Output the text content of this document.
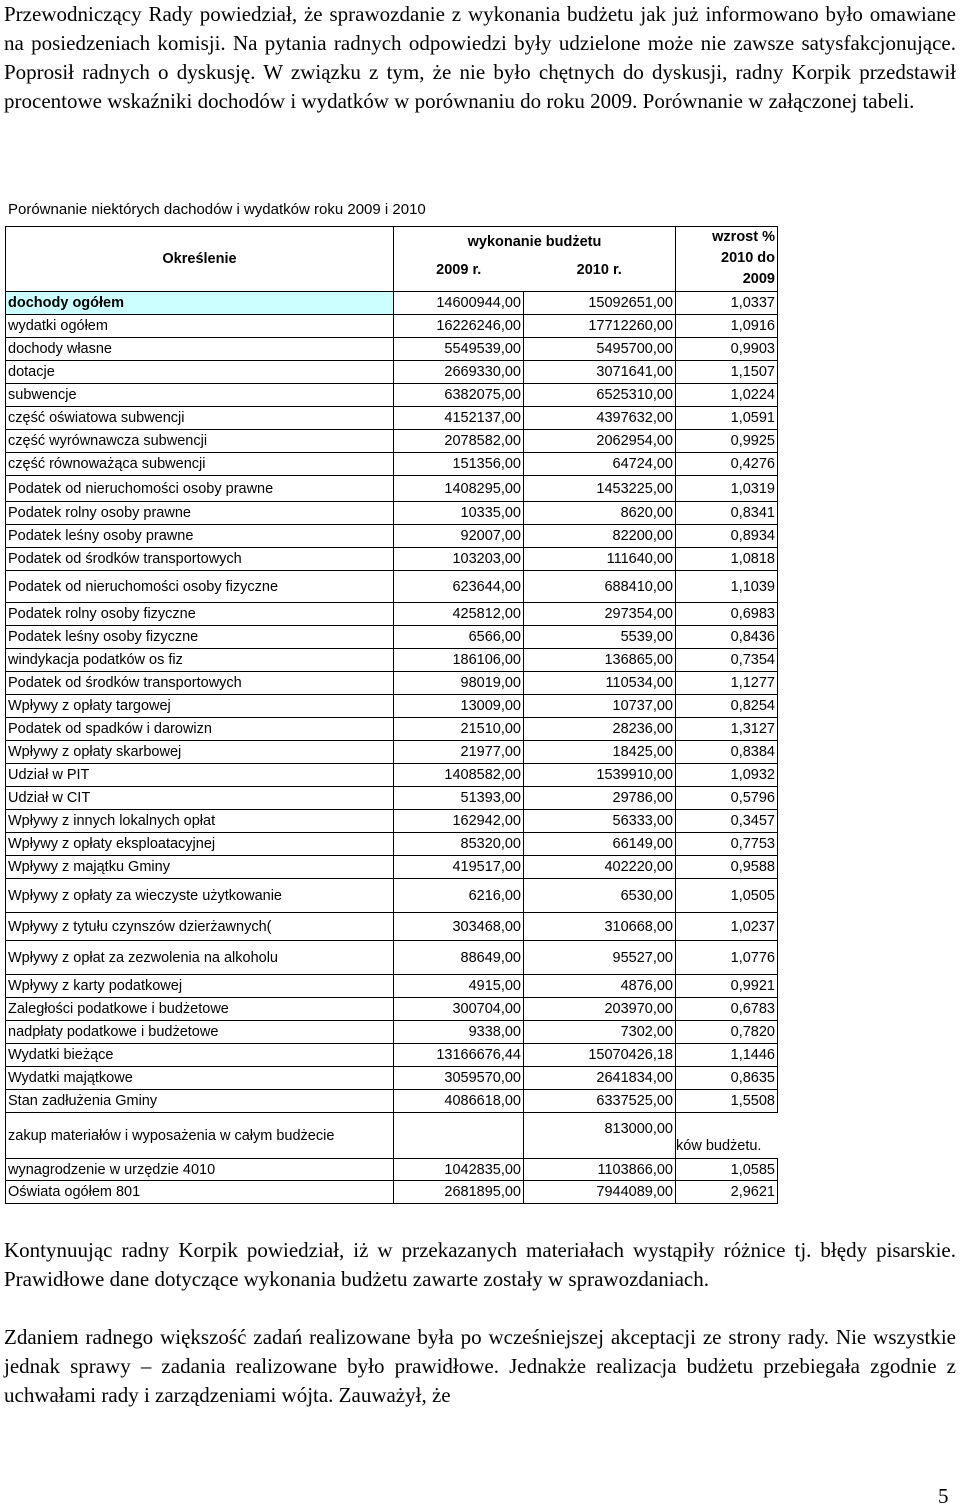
Przewodniczący Rady powiedział, że sprawozdanie z wykonania budżetu jak już informowano było omawiane na posiedzeniach komisji. Na pytania radnych odpowiedzi były udzielone może nie zawsze satysfakcjonujące. Poprosił radnych o dyskusję. W związku z tym, że nie było chętnych do dyskusji, radny Korpik przedstawił procentowe wskaźniki dochodów i wydatków w porównaniu do roku 2009. Porównanie w załączonej tabeli.

Porównanie niektórych dachodów i wydatków roku 2009 i 2010
Określenie	wykonanie budżetu		wzrost %
2010 do
2009

	2009 r.	2010 r.	
dochody ogółem	14600944,00	15092651,00	1,0337
wydatki ogółem	16226246,00	17712260,00	1,0916
dochody własne	5549539,00	5495700,00	0,9903
dotacje	2669330,00	3071641,00	1,1507
subwencje	6382075,00	6525310,00	1,0224
część oświatowa subwencji	4152137,00	4397632,00	1,0591
część wyrównawcza subwencji	2078582,00	2062954,00	0,9925
część równoważąca subwencji	151356,00	64724,00	0,4276
Podatek od nieruchomości osoby prawne	1408295,00	1453225,00	1,0319
Podatek rolny osoby prawne	10335,00	8620,00	0,8341
Podatek leśny osoby prawne	92007,00	82200,00	0,8934
Podatek od środków transportowych	103203,00	111640,00	1,0818
Podatek od nieruchomości osoby fizyczne	623644,00	688410,00	1,1039
Podatek rolny osoby fizyczne	425812,00	297354,00	0,6983
Podatek leśny osoby fizyczne	6566,00	5539,00	0,8436
windykacja podatków os fiz	186106,00	136865,00	0,7354
Podatek od środków transportowych	98019,00	110534,00	1,1277
Wpływy z opłaty targowej	13009,00	10737,00	0,8254
Podatek od spadków i darowizn	21510,00	28236,00	1,3127
Wpływy z opłaty skarbowej	21977,00	18425,00	0,8384
Udział w PIT	1408582,00	1539910,00	1,0932
Udział w CIT	51393,00	29786,00	0,5796
Wpływy z innych lokalnych opłat	162942,00	56333,00	0,3457
Wpływy z opłaty eksploatacyjnej	85320,00	66149,00	0,7753
Wpływy z majątku Gminy	419517,00	402220,00	0,9588
Wpływy z opłaty za wieczyste użytkowanie	6216,00	6530,00	1,0505
Wpływy z tytułu czynszów dzierżawnych(	303468,00	310668,00	1,0237
Wpływy z opłat za zezwolenia na alkoholu	88649,00	95527,00	1,0776
Wpływy z karty podatkowej	4915,00	4876,00	0,9921
Zaległości podatkowe i budżetowe	300704,00	203970,00	0,6783
nadpłaty podatkowe i budżetowe	9338,00	7302,00	0,7820
Wydatki bieżące	13166676,44	15070426,18	1,1446
Wydatki majątkowe	3059570,00	2641834,00	0,8635
Stan zadłużenia Gminy	4086618,00	6337525,00	1,5508
zakup materiałów i wyposażenia w całym budżecie		813000,00	ków budżetu.
wynagrodzenie w urzędzie 4010	1042835,00	1103866,00	1,0585
Oświata ogółem 801	2681895,00	7944089,00	2,9621

Kontynuując radny Korpik powiedział, iż w przekazanych materiałach wystąpiły różnice tj. błędy pisarskie. Prawidłowe dane dotyczące wykonania budżetu zawarte zostały w sprawozdaniach.

Zdaniem radnego większość zadań realizowane była po wcześniejszej akceptacji ze strony rady. Nie wszystkie jednak sprawy – zadania realizowane było prawidłowe. Jednakże realizacja budżetu przebiegała zgodnie z uchwałami rady i zarządzeniami wójta. Zauważył, że

5
